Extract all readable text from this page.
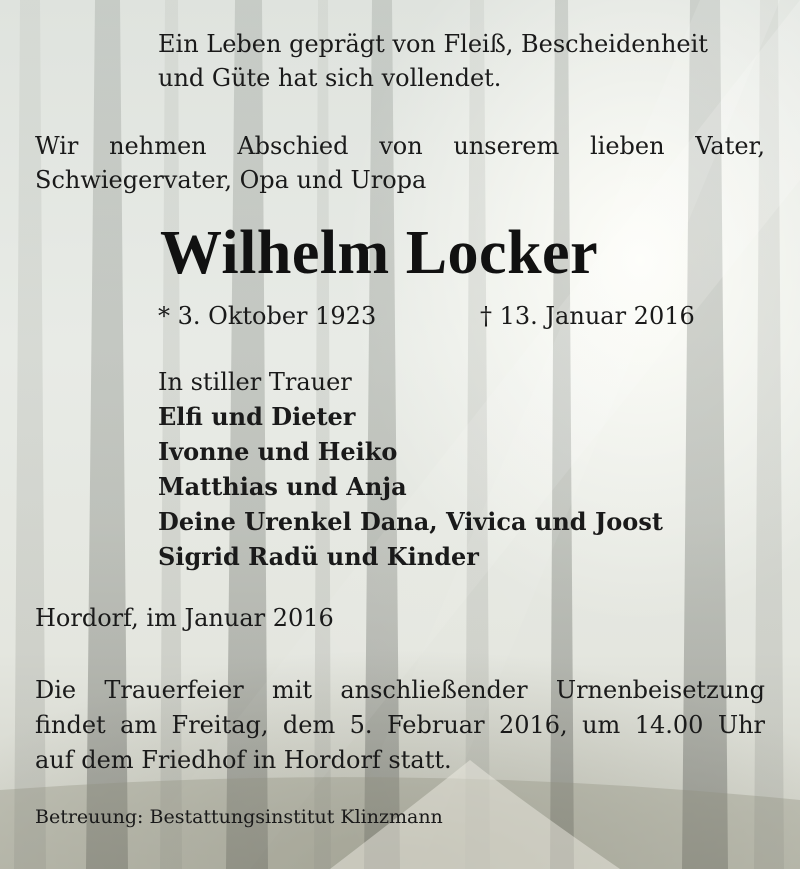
Ein Leben geprägt von Fleiß, Bescheidenheit

und Güte hat sich vollendet.

Wir nehmen Abschied von unserem lieben Vater,

Schwiegervater, Opa und Uropa

Wilhelm Locker

* 3. Oktober 1923	† 13. Januar 2016

In stiller Trauer

Elfi und Dieter

Ivonne und Heiko

Matthias und Anja

Deine Urenkel Dana, Vivica und Joost

Sigrid Radü und Kinder

Hordorf, im Januar 2016

Die Trauerfeier mit anschließender Urnenbeisetzung

findet am Freitag, dem 5. Februar 2016, um 14.00 Uhr

auf dem Friedhof in Hordorf statt.

Betreuung: Bestattungsinstitut Klinzmann
